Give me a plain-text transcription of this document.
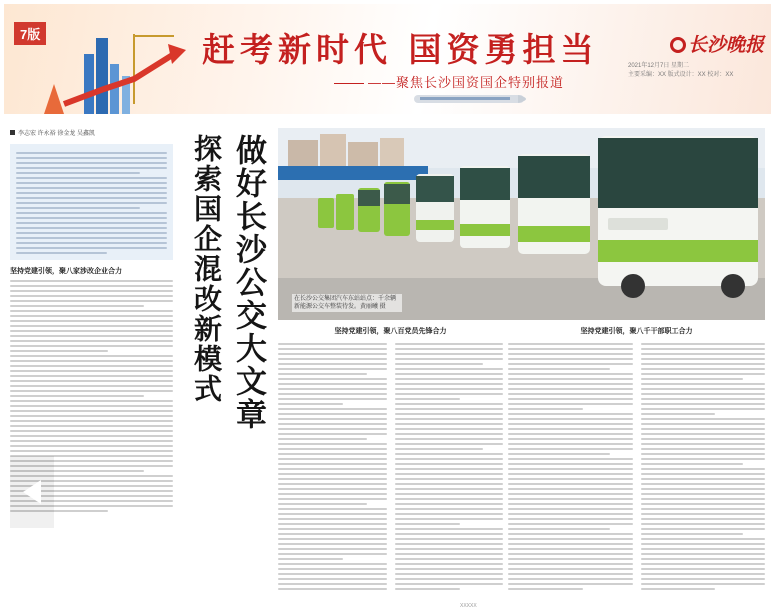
7版	赶考新时代 国资勇担当
——聚焦长沙国资国企特别报道
长沙晚报
2021年12月7日 星期二
主要采编：XX 版式设计：XX 校对：XX
李志宏 许永裕 徐金龙 吴鑫凯
坚持党建引领，聚八家涉改企业合力	做好长沙公交大文章
探索国企混改新模式	在长沙公交集团汽车东站站点：千余辆新能源公交车整装待发。黄丽曦 摄
坚持党建引领，聚八百党员先锋合力	坚持党建引领，聚八千干部职工合力
XXXXX
